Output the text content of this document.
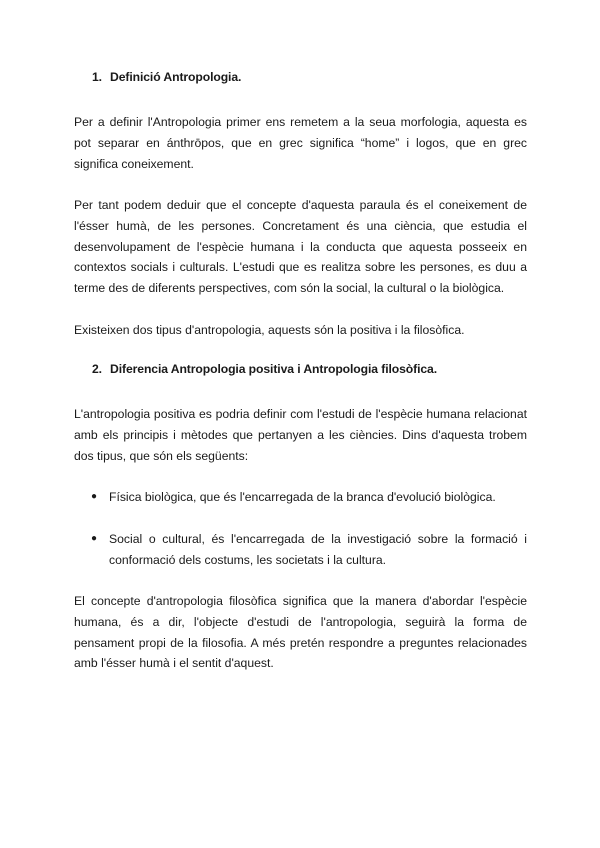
1. Definició Antropologia.

Per a definir l'Antropologia primer ens remetem a la seua morfologia, aquesta es pot separar en ánthrōpos, que en grec significa “home” i logos, que en grec significa coneixement.

Per tant podem deduir que el concepte d'aquesta paraula és el coneixement de l'ésser humà, de les persones. Concretament és una ciència, que estudia el desenvolupament de l'espècie humana i la conducta que aquesta posseeix en contextos socials i culturals. L'estudi que es realitza sobre les persones, es duu a terme des de diferents perspectives, com són la social, la cultural o la biològica.

Existeixen dos tipus d'antropologia, aquests són la positiva i la filosòfica.

2. Diferencia Antropologia positiva i Antropologia filosòfica.

L'antropologia positiva es podria definir com l'estudi de l'espècie humana relacionat amb els principis i mètodes que pertanyen a les ciències. Dins d'aquesta trobem dos tipus, que són els següents:

● Física biològica, que és l'encarregada de la branca d'evolució biològica.

● Social o cultural, és l'encarregada de la investigació sobre la formació i conformació dels costums, les societats i la cultura.

El concepte d'antropologia filosòfica significa que la manera d'abordar l'espècie humana, és a dir, l'objecte d'estudi de l'antropologia, seguirà la forma de pensament propi de la filosofia. A més pretén respondre a preguntes relacionades amb l'ésser humà i el sentit d'aquest.
